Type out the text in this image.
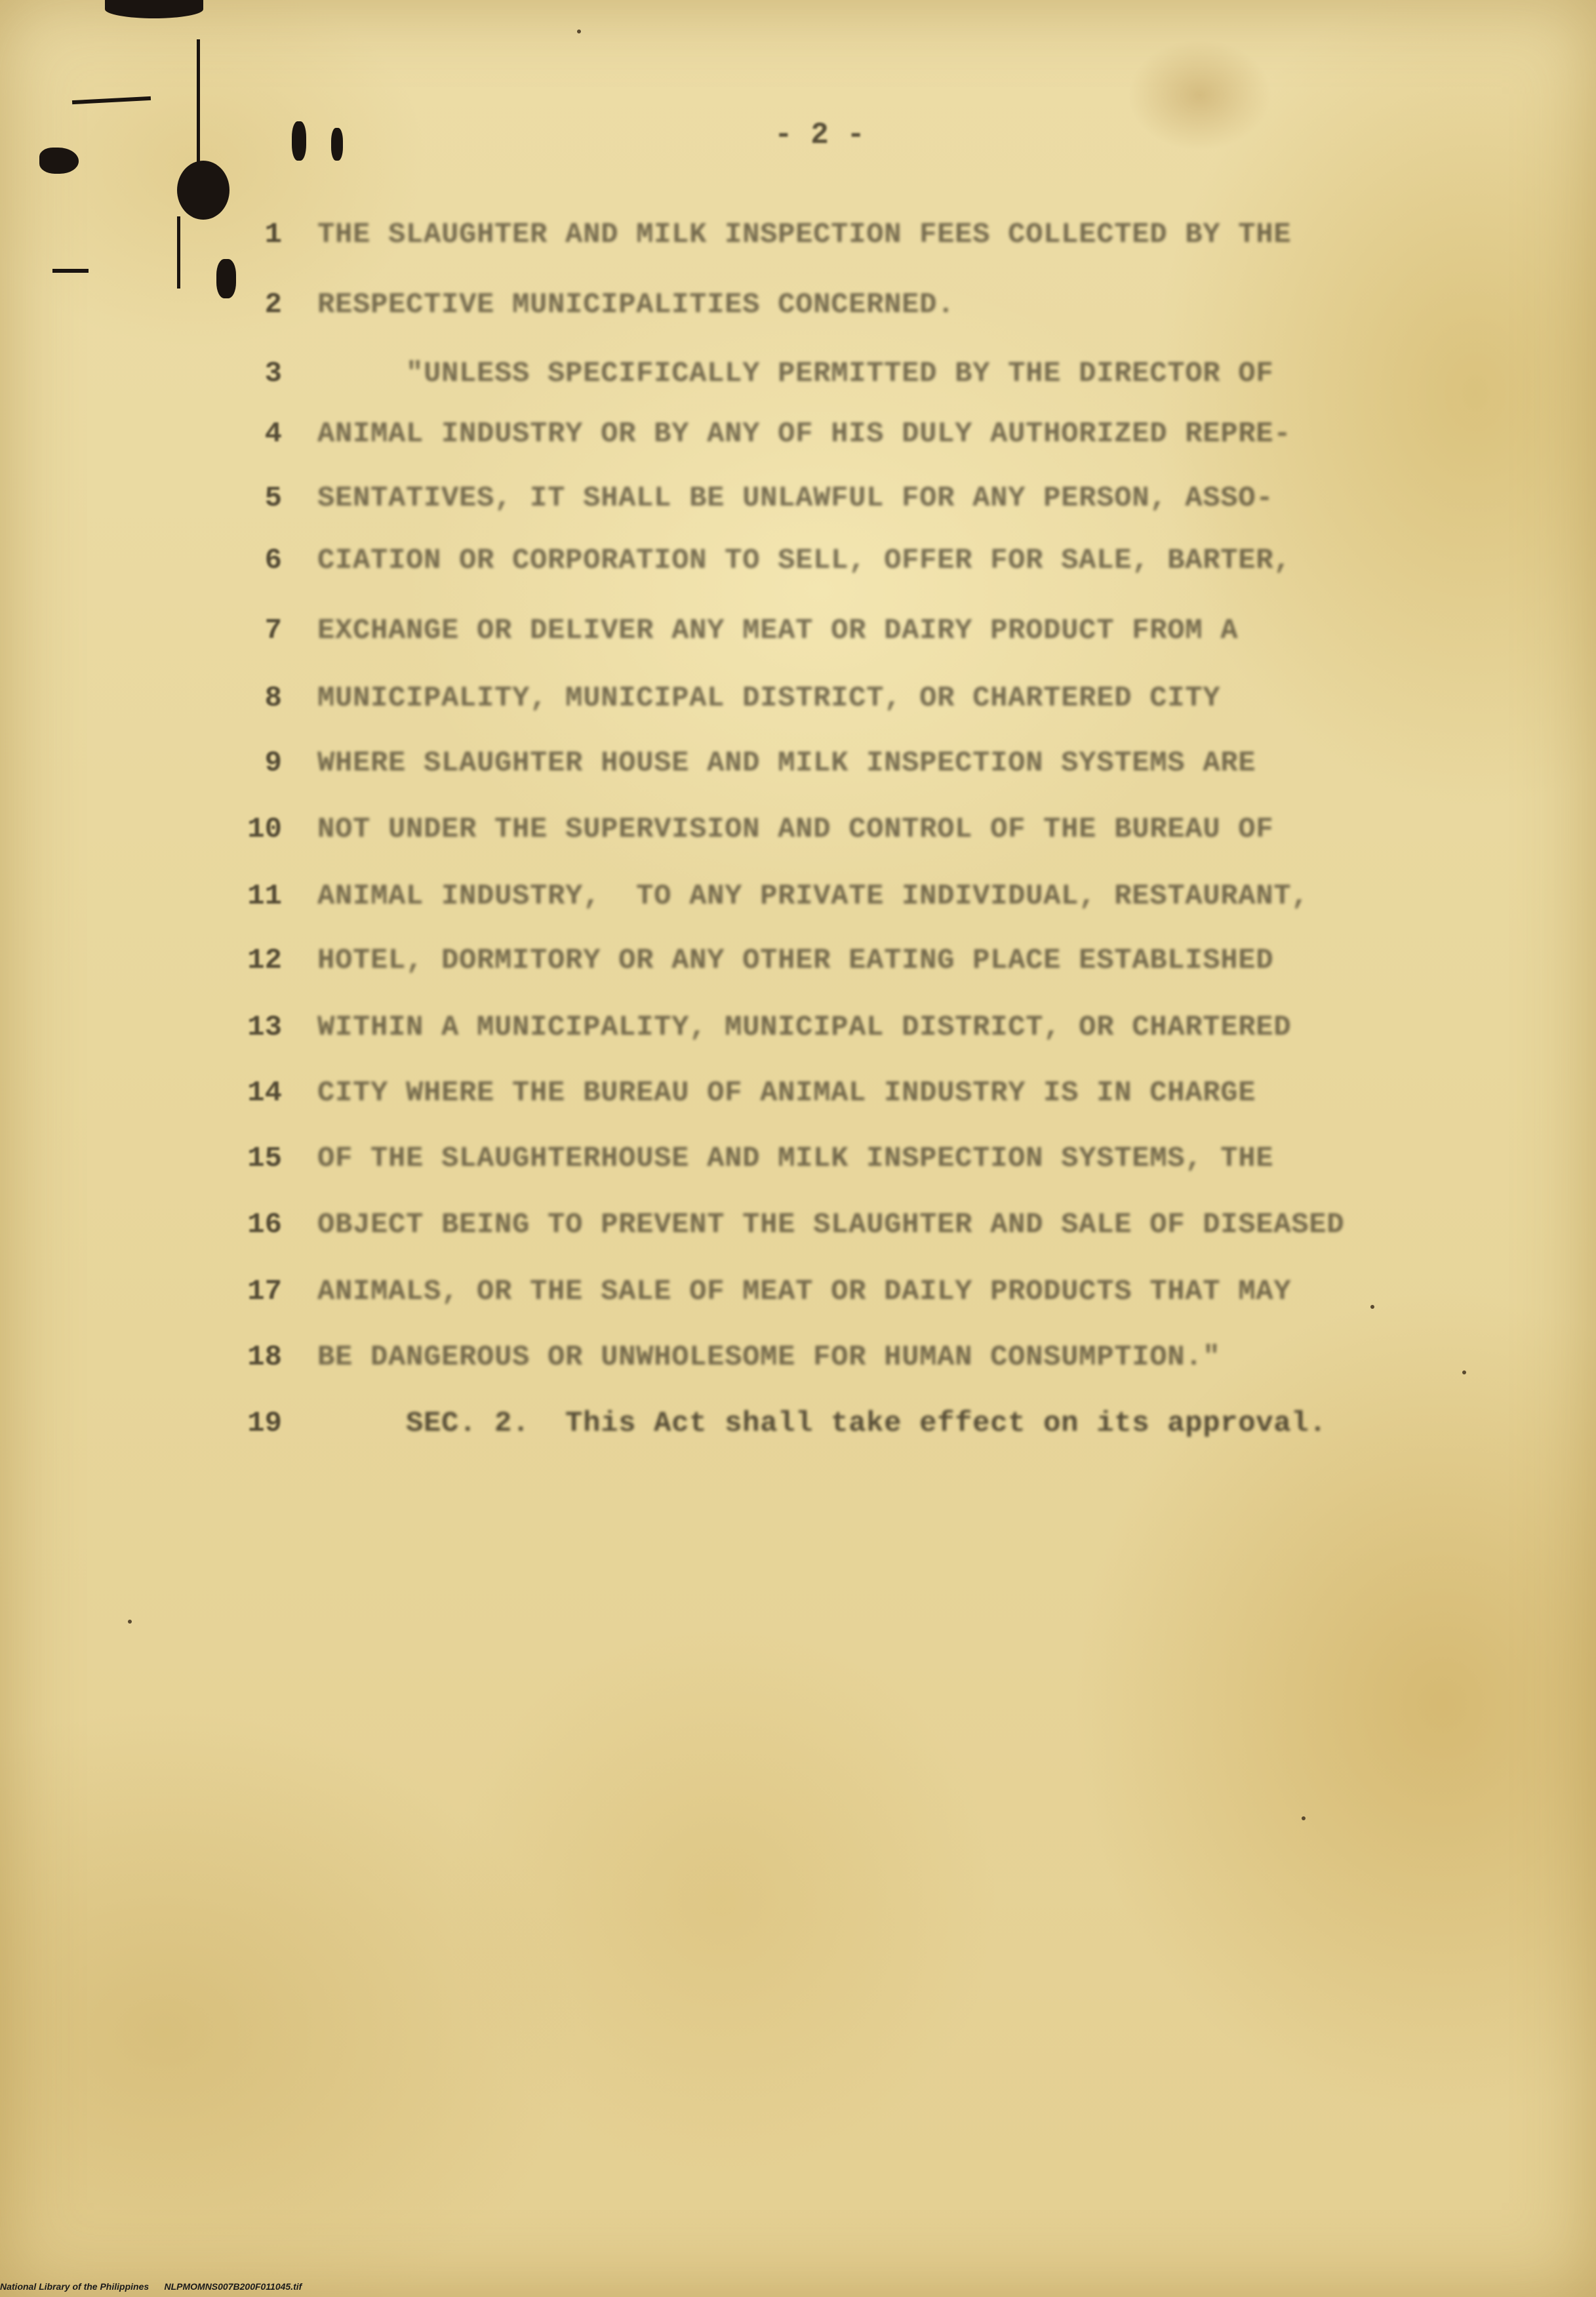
- 2 -
1 THE SLAUGHTER AND MILK INSPECTION FEES COLLECTED BY THE
2 RESPECTIVE MUNICIPALITIES CONCERNED.
3 "UNLESS SPECIFICALLY PERMITTED BY THE DIRECTOR OF
4 ANIMAL INDUSTRY OR BY ANY OF HIS DULY AUTHORIZED REPRE-
5 SENTATIVES, IT SHALL BE UNLAWFUL FOR ANY PERSON, ASSO-
6 CIATION OR CORPORATION TO SELL, OFFER FOR SALE, BARTER,
7 EXCHANGE OR DELIVER ANY MEAT OR DAIRY PRODUCT FROM A
8 MUNICIPALITY, MUNICIPAL DISTRICT, OR CHARTERED CITY
9 WHERE SLAUGHTER HOUSE AND MILK INSPECTION SYSTEMS ARE
10 NOT UNDER THE SUPERVISION AND CONTROL OF THE BUREAU OF
11 ANIMAL INDUSTRY,  TO ANY PRIVATE INDIVIDUAL, RESTAURANT,
12 HOTEL, DORMITORY OR ANY OTHER EATING PLACE ESTABLISHED
13 WITHIN A MUNICIPALITY, MUNICIPAL DISTRICT, OR CHARTERED
14 CITY WHERE THE BUREAU OF ANIMAL INDUSTRY IS IN CHARGE
15 OF THE SLAUGHTERHOUSE AND MILK INSPECTION SYSTEMS, THE
16 OBJECT BEING TO PREVENT THE SLAUGHTER AND SALE OF DISEASED
17 ANIMALS, OR THE SALE OF MEAT OR DAILY PRODUCTS THAT MAY
18 BE DANGEROUS OR UNWHOLESOME FOR HUMAN CONSUMPTION."
19 SEC. 2.  This Act shall take effect on its approval.
National Library of the Philippines NLPMOMNS007B200F011045.tif
